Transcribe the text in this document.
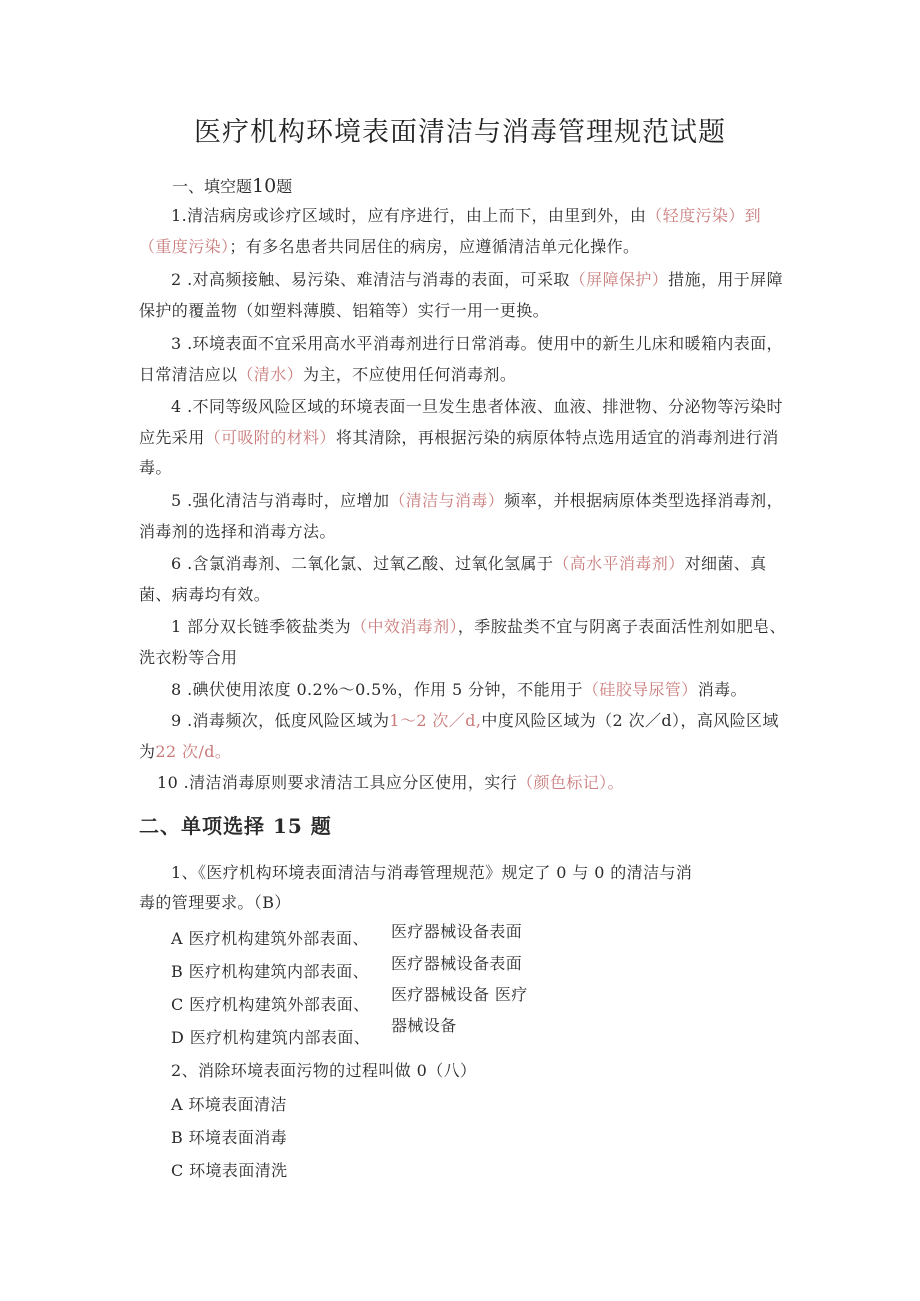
医疗机构环境表面清洁与消毒管理规范试题
一、填空题10题

1.清洁病房或诊疗区域时，应有序进行，由上而下，由里到外，由（轻度污染）到（重度污染）；有多名患者共同居住的病房，应遵循清洁单元化操作。

2 .对高频接触、易污染、难清洁与消毒的表面，可采取（屏障保护）措施，用于屏障保护的覆盖物（如塑料薄膜、铝箱等）实行一用一更换。

3 .环境表面不宜采用高水平消毒剂进行日常消毒。使用中的新生儿床和暖箱内表面，日常清洁应以（清水）为主，不应使用任何消毒剂。

4 .不同等级风险区域的环境表面一旦发生患者体液、血液、排泄物、分泌物等污染时应先采用（可吸附的材料）将其清除，再根据污染的病原体特点选用适宜的消毒剂进行消毒。

5 .强化清洁与消毒时，应增加（清洁与消毒）频率，并根据病原体类型选择消毒剂，消毒剂的选择和消毒方法。

6 .含氯消毒剂、二氧化氯、过氧乙酸、过氧化氢属于（高水平消毒剂）对细菌、真菌、病毒均有效。

1 部分双长链季筱盐类为（中效消毒剂），季胺盐类不宜与阴离子表面活性剂如肥皂、洗衣粉等合用

8 .碘伏使用浓度 0.2%～0.5%，作用 5 分钟，不能用于（硅胶导尿管）消毒。

9 .消毒频次，低度风险区域为1～2 次／d,中度风险区域为（2 次／d），高风险区域为22 次/d。

10 .清洁消毒原则要求清洁工具应分区使用，实行（颜色标记）。

二、单项选择 15 题
1、《医疗机构环境表面清洁与消毒管理规范》规定了 0 与 0 的清洁与消
毒的管理要求。（B）
A 医疗机构建筑外部表面、
B 医疗机构建筑内部表面、
C 医疗机构建筑外部表面、
D 医疗机构建筑内部表面、
医疗器械设备表面
医疗器械设备表面
医疗器械设备 医疗
器械设备
2、消除环境表面污物的过程叫做 0（八）
A 环境表面清洁
B 环境表面消毒
C 环境表面清洗
